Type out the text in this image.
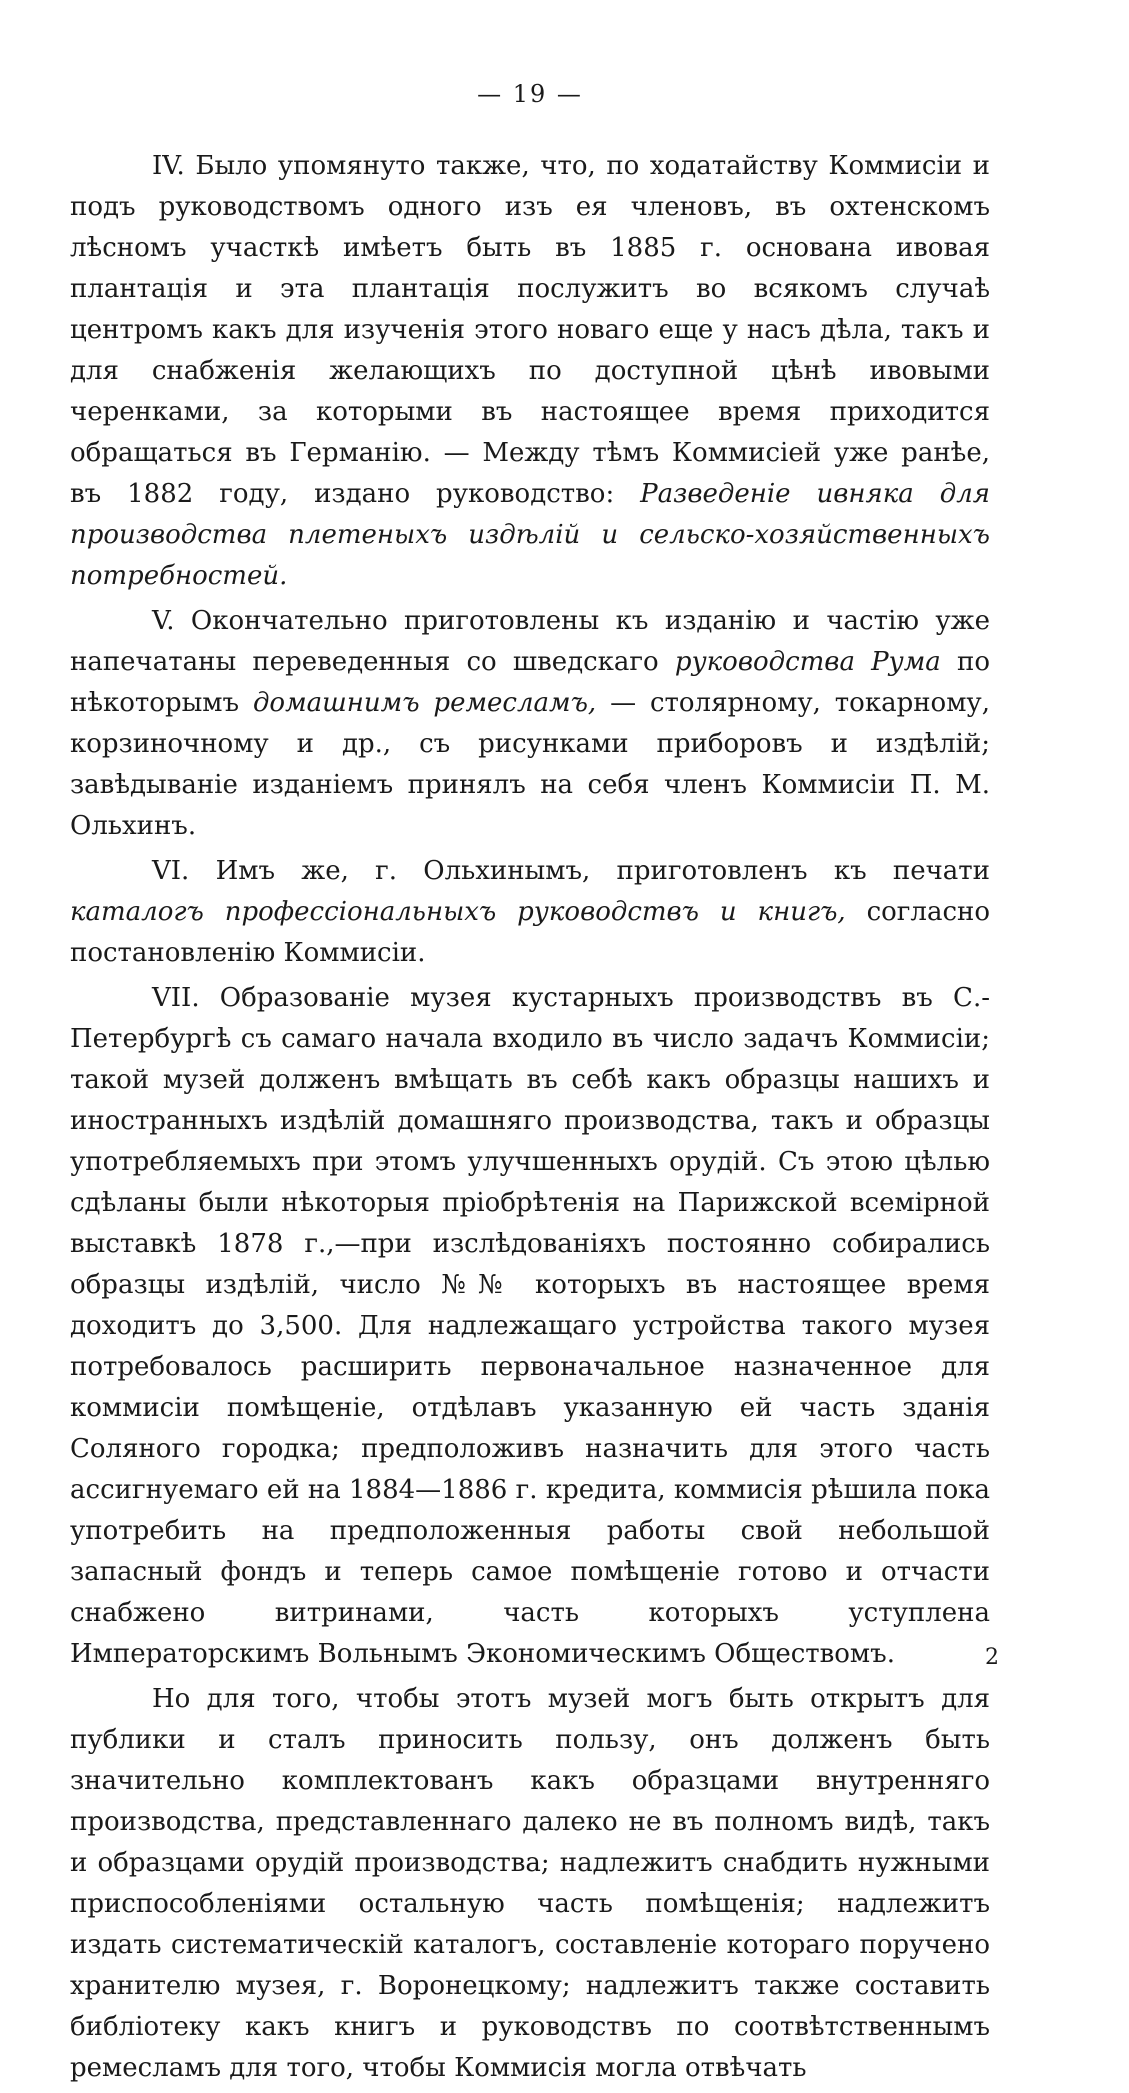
— 19 —

IV. Было упомянуто также, что, по ходатайству Коммисіи и подъ руководствомъ одного изъ ея членовъ, въ охтенскомъ лѣсномъ участкѣ имѣетъ быть въ 1885 г. основана ивовая плантація и эта плантація послужитъ во всякомъ случаѣ центромъ какъ для изученія этого новаго еще у насъ дѣла, такъ и для снабженія желающихъ по доступной цѣнѣ ивовыми черенками, за которыми въ настоящее время приходится обращаться въ Германію. — Между тѣмъ Коммисіей уже ранѣе, въ 1882 году, издано руководство: Разведеніе ивняка для производства плетеныхъ издѣлій и сельско-хозяйственныхъ потребностей.

V. Окончательно приготовлены къ изданію и частію уже напечатаны переведенныя со шведскаго руководства Рума по нѣкоторымъ домашнимъ ремесламъ, — столярному, токарному, корзиночному и др., съ рисунками приборовъ и издѣлій; завѣдываніе изданіемъ принялъ на себя членъ Коммисіи П. М. Ольхинъ.

VI. Имъ же, г. Ольхинымъ, приготовленъ къ печати каталогъ профессіональныхъ руководствъ и книгъ, согласно постановленію Коммисіи.

VII. Образованіе музея кустарныхъ производствъ въ С.-Петербургѣ съ самаго начала входило въ число задачъ Коммисіи; такой музей долженъ вмѣщать въ себѣ какъ образцы нашихъ и иностранныхъ издѣлій домашняго производства, такъ и образцы употребляемыхъ при этомъ улучшенныхъ орудій. Съ этою цѣлью сдѣланы были нѣкоторыя пріобрѣтенія на Парижской всемірной выставкѣ 1878 г.,—при изслѣдованіяхъ постоянно собирались образцы издѣлій, число №№ которыхъ въ настоящее время доходитъ до 3,500. Для надлежащаго устройства такого музея потребовалось расширить первоначальное назначенное для коммисіи помѣщеніе, отдѣлавъ указанную ей часть зданія Соляного городка; предположивъ назначить для этого часть ассигнуемаго ей на 1884—1886 г. кредита, коммисія рѣшила пока употребить на предположенныя работы свой небольшой запасный фондъ и теперь самое помѣщеніе готово и отчасти снабжено витринами, часть которыхъ уступлена Императорскимъ Вольнымъ Экономическимъ Обществомъ.

Но для того, чтобы этотъ музей могъ быть открытъ для публики и сталъ приносить пользу, онъ долженъ быть значительно комплектованъ какъ образцами внутренняго производства, представленнаго далеко не въ полномъ видѣ, такъ и образцами орудій производства; надлежитъ снабдить нужными приспособленіями остальную часть помѣщенія; надлежитъ издать систематическій каталогъ, составленіе котораго поручено хранителю музея, г. Воронецкому; надлежитъ также составить библіотеку какъ книгъ и руководствъ по соотвѣтственнымъ ремесламъ для того, чтобы Коммисія могла отвѣчать

2
